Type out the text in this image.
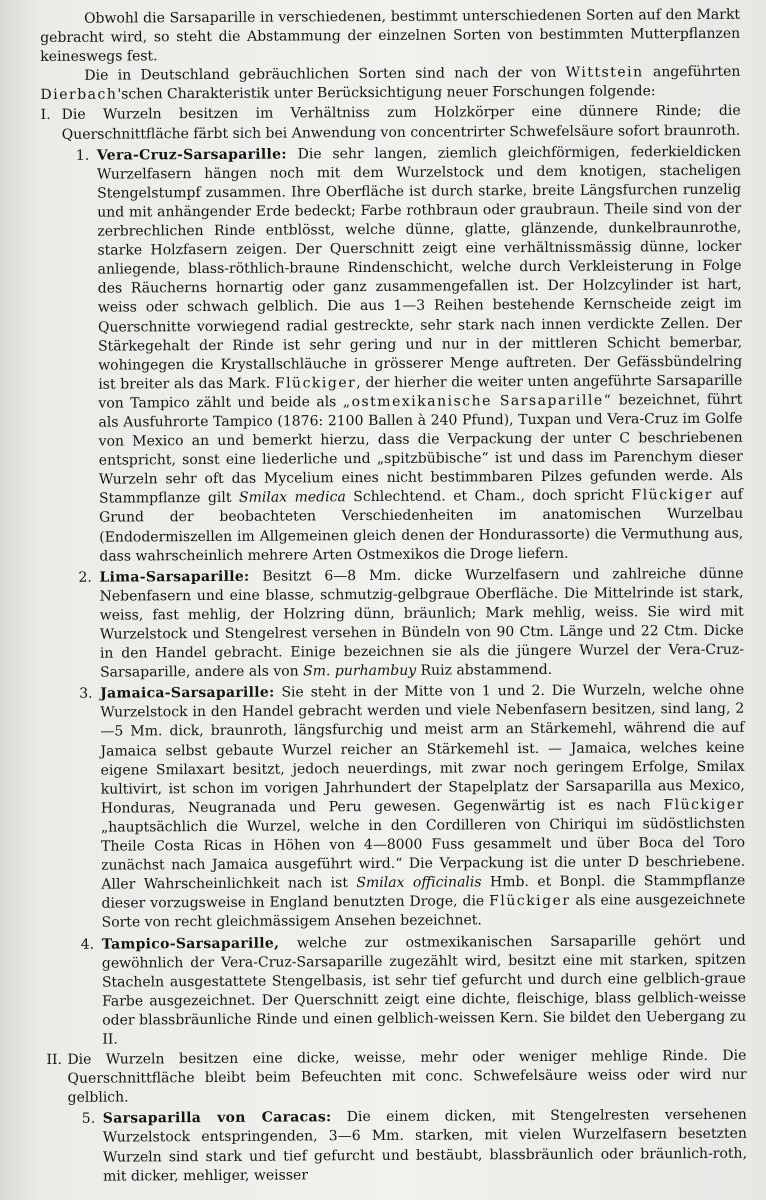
Obwohl die Sarsaparille in verschiedenen, bestimmt unterschiedenen Sorten auf den Markt gebracht wird, so steht die Abstammung der einzelnen Sorten von bestimmten Mutterpflanzen keineswegs fest.

Die in Deutschland gebräuchlichen Sorten sind nach der von Wittstein angeführten Dierbach'schen Charakteristik unter Berücksichtigung neuer Forschungen folgende:

I. Die Wurzeln besitzen im Verhältniss zum Holzkörper eine dünnere Rinde; die Querschnittfläche färbt sich bei Anwendung von concentrirter Schwefelsäure sofort braunroth.

1. Vera-Cruz-Sarsaparille: Die sehr langen, ziemlich gleichförmigen, federkieldicken Wurzelfasern hängen noch mit dem Wurzelstock und dem knotigen, stacheligen Stengelstumpf zusammen. Ihre Oberfläche ist durch starke, breite Längsfurchen runzelig und mit anhängender Erde bedeckt; Farbe rothbraun oder graubraun. Theile sind von der zerbrechlichen Rinde entblösst, welche dünne, glatte, glänzende, dunkelbraunrothe, starke Holzfasern zeigen. Der Querschnitt zeigt eine verhältnissmässig dünne, locker anliegende, blass-röthlich-braune Rindenschicht, welche durch Verkleisterung in Folge des Räucherns hornartig oder ganz zusammengefallen ist. Der Holzcylinder ist hart, weiss oder schwach gelblich. Die aus 1—3 Reihen bestehende Kernscheide zeigt im Querschnitte vorwiegend radial gestreckte, sehr stark nach innen verdickte Zellen. Der Stärkegehalt der Rinde ist sehr gering und nur in der mittleren Schicht bemerbar, wohingegen die Krystallschläuche in grösserer Menge auftreten. Der Gefässbündelring ist breiter als das Mark. Flückiger, der hierher die weiter unten angeführte Sarsaparille von Tampico zählt und beide als „ostmexikanische Sarsaparille“ bezeichnet, führt als Ausfuhrorte Tampico (1876: 2100 Ballen à 240 Pfund), Tuxpan und Vera-Cruz im Golfe von Mexico an und bemerkt hierzu, dass die Verpackung der unter C beschriebenen entspricht, sonst eine liederliche und „spitzbübische“ ist und dass im Parenchym dieser Wurzeln sehr oft das Mycelium eines nicht bestimmbaren Pilzes gefunden werde. Als Stammpflanze gilt Smilax medica Schlechtend. et Cham., doch spricht Flückiger auf Grund der beobachteten Verschiedenheiten im anatomischen Wurzelbau (Endodermiszellen im Allgemeinen gleich denen der Hondurassorte) die Vermuthung aus, dass wahrscheinlich mehrere Arten Ostmexikos die Droge liefern.

2. Lima-Sarsaparille: Besitzt 6—8 Mm. dicke Wurzelfasern und zahlreiche dünne Nebenfasern und eine blasse, schmutzig-gelbgraue Oberfläche. Die Mittelrinde ist stark, weiss, fast mehlig, der Holzring dünn, bräunlich; Mark mehlig, weiss. Sie wird mit Wurzelstock und Stengelrest versehen in Bündeln von 90 Ctm. Länge und 22 Ctm. Dicke in den Handel gebracht. Einige bezeichnen sie als die jüngere Wurzel der Vera-Cruz-Sarsaparille, andere als von Sm. purhambuy Ruiz abstammend.

3. Jamaica-Sarsaparille: Sie steht in der Mitte von 1 und 2. Die Wurzeln, welche ohne Wurzelstock in den Handel gebracht werden und viele Nebenfasern besitzen, sind lang, 2—5 Mm. dick, braunroth, längsfurchig und meist arm an Stärkemehl, während die auf Jamaica selbst gebaute Wurzel reicher an Stärkemehl ist. — Jamaica, welches keine eigene Smilaxart besitzt, jedoch neuerdings, mit zwar noch geringem Erfolge, Smilax kultivirt, ist schon im vorigen Jahrhundert der Stapelplatz der Sarsaparilla aus Mexico, Honduras, Neugranada und Peru gewesen. Gegenwärtig ist es nach Flückiger „hauptsächlich die Wurzel, welche in den Cordilleren von Chiriqui im südöstlichsten Theile Costa Ricas in Höhen von 4—8000 Fuss gesammelt und über Boca del Toro zunächst nach Jamaica ausgeführt wird.“ Die Verpackung ist die unter D beschriebene. Aller Wahrscheinlichkeit nach ist Smilax officinalis Hmb. et Bonpl. die Stammpflanze dieser vorzugsweise in England benutzten Droge, die Flückiger als eine ausgezeichnete Sorte von recht gleichmässigem Ansehen bezeichnet.

4. Tampico-Sarsaparille, welche zur ostmexikanischen Sarsaparille gehört und gewöhnlich der Vera-Cruz-Sarsaparille zugezählt wird, besitzt eine mit starken, spitzen Stacheln ausgestattete Stengelbasis, ist sehr tief gefurcht und durch eine gelblich-graue Farbe ausgezeichnet. Der Querschnitt zeigt eine dichte, fleischige, blass gelblich-weisse oder blassbräunliche Rinde und einen gelblich-weissen Kern. Sie bildet den Uebergang zu II.

II. Die Wurzeln besitzen eine dicke, weisse, mehr oder weniger mehlige Rinde. Die Querschnittfläche bleibt beim Befeuchten mit conc. Schwefelsäure weiss oder wird nur gelblich.

5. Sarsaparilla von Caracas: Die einem dicken, mit Stengelresten versehenen Wurzelstock entspringenden, 3—6 Mm. starken, mit vielen Wurzelfasern besetzten Wurzeln sind stark und tief gefurcht und bestäubt, blassbräunlich oder bräunlich-roth, mit dicker, mehliger, weisser
